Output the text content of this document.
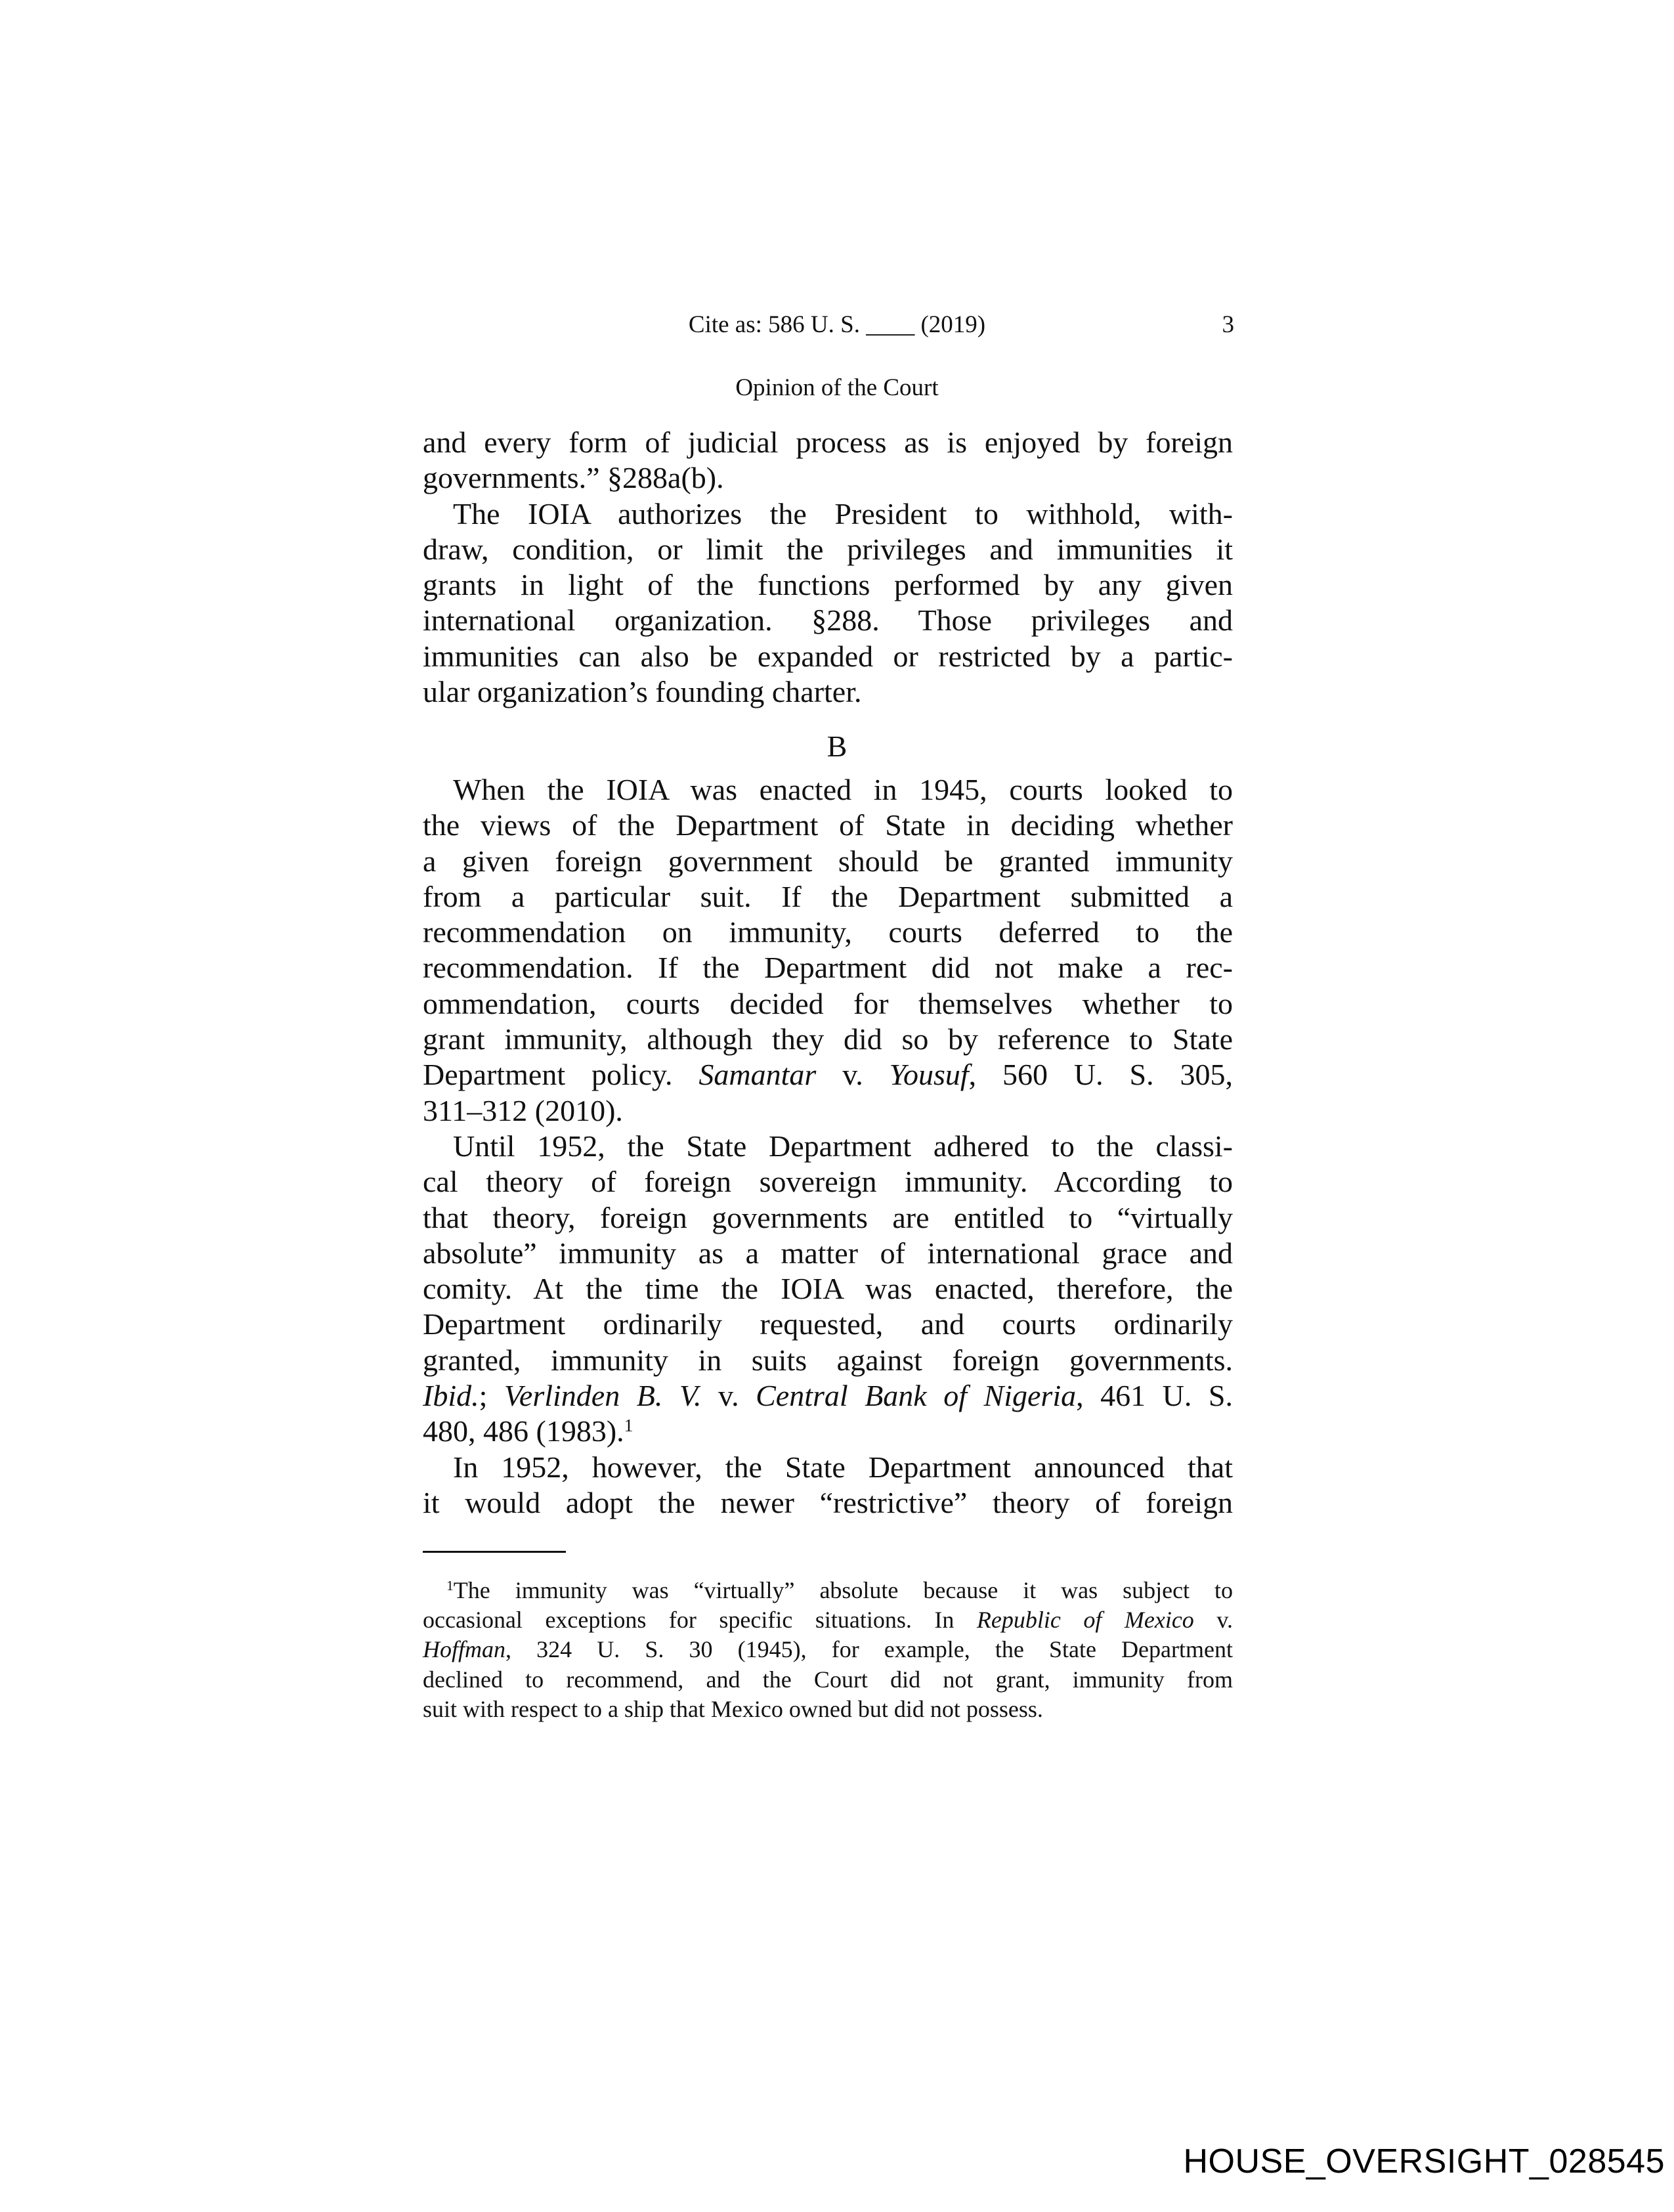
Cite as: 586 U. S. ____ (2019)	3
Opinion of the Court
and every form of judicial process as is enjoyed by foreign
governments.” §288a(b).
The IOIA authorizes the President to withhold, with-
draw, condition, or limit the privileges and immunities it
grants in light of the functions performed by any given
international organization. §288. Those privileges and
immunities can also be expanded or restricted by a partic-
ular organization’s founding charter.
B
When the IOIA was enacted in 1945, courts looked to
the views of the Department of State in deciding whether
a given foreign government should be granted immunity
from a particular suit. If the Department submitted a
recommendation on immunity, courts deferred to the
recommendation. If the Department did not make a rec-
ommendation, courts decided for themselves whether to
grant immunity, although they did so by reference to State
Department policy. Samantar v. Yousuf, 560 U. S. 305,
311–312 (2010).
Until 1952, the State Department adhered to the classi-
cal theory of foreign sovereign immunity. According to
that theory, foreign governments are entitled to “virtually
absolute” immunity as a matter of international grace and
comity. At the time the IOIA was enacted, therefore, the
Department ordinarily requested, and courts ordinarily
granted, immunity in suits against foreign governments.
Ibid.; Verlinden B. V. v. Central Bank of Nigeria, 461 U. S.
480, 486 (1983).$^1$
In 1952, however, the State Department announced that
it would adopt the newer “restrictive” theory of foreign
$^1$The immunity was “virtually” absolute because it was subject to
occasional exceptions for specific situations. In Republic of Mexico v.
Hoffman, 324 U. S. 30 (1945), for example, the State Department
declined to recommend, and the Court did not grant, immunity from
suit with respect to a ship that Mexico owned but did not possess.
HOUSE_OVERSIGHT_028545
